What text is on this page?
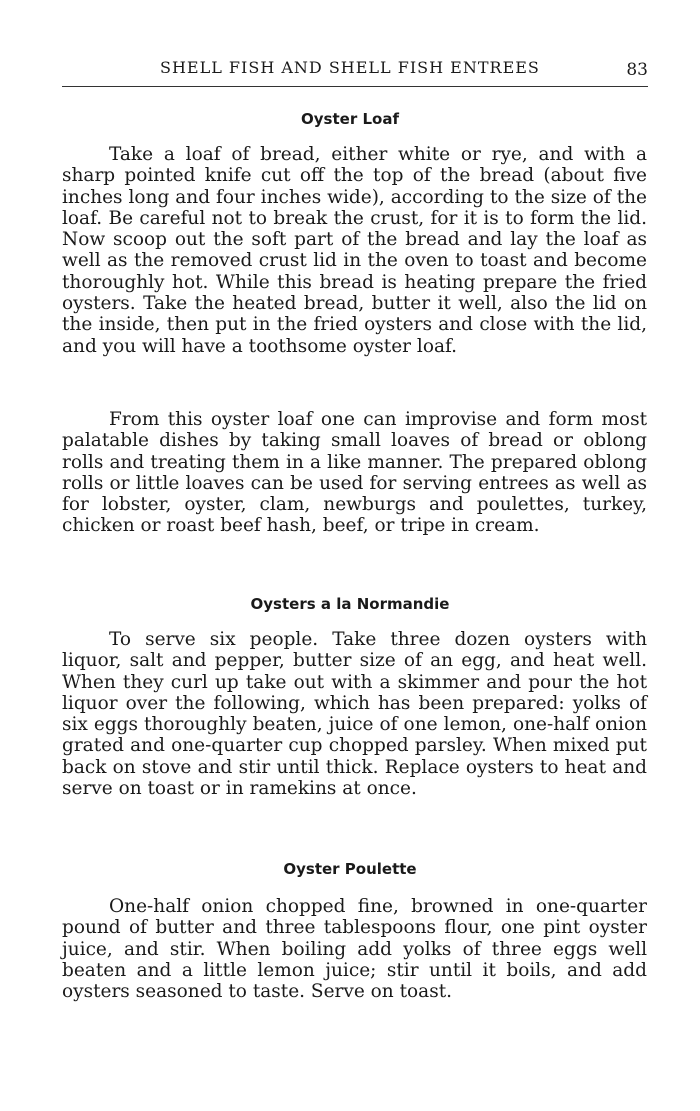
SHELL FISH AND SHELL FISH ENTREES	83
Oyster Loaf

Take a loaf of bread, either white or rye, and with a sharp pointed knife cut off the top of the bread (about five inches long and four inches wide), according to the size of the loaf. Be careful not to break the crust, for it is to form the lid. Now scoop out the soft part of the bread and lay the loaf as well as the removed crust lid in the oven to toast and become thoroughly hot. While this bread is heating prepare the fried oysters. Take the heated bread, butter it well, also the lid on the inside, then put in the fried oysters and close with the lid, and you will have a toothsome oyster loaf.

From this oyster loaf one can improvise and form most palatable dishes by taking small loaves of bread or oblong rolls and treating them in a like manner. The prepared oblong rolls or little loaves can be used for serving entrees as well as for lobster, oyster, clam, newburgs and poulettes, turkey, chicken or roast beef hash, beef, or tripe in cream.

Oysters a la Normandie

To serve six people. Take three dozen oysters with liquor, salt and pepper, butter size of an egg, and heat well. When they curl up take out with a skimmer and pour the hot liquor over the following, which has been prepared: yolks of six eggs thoroughly beaten, juice of one lemon, one-half onion grated and one-quarter cup chopped parsley. When mixed put back on stove and stir until thick. Replace oysters to heat and serve on toast or in ramekins at once.

Oyster Poulette

One-half onion chopped fine, browned in one-quarter pound of butter and three tablespoons flour, one pint oyster juice, and stir. When boiling add yolks of three eggs well beaten and a little lemon juice; stir until it boils, and add oysters seasoned to taste. Serve on toast.
